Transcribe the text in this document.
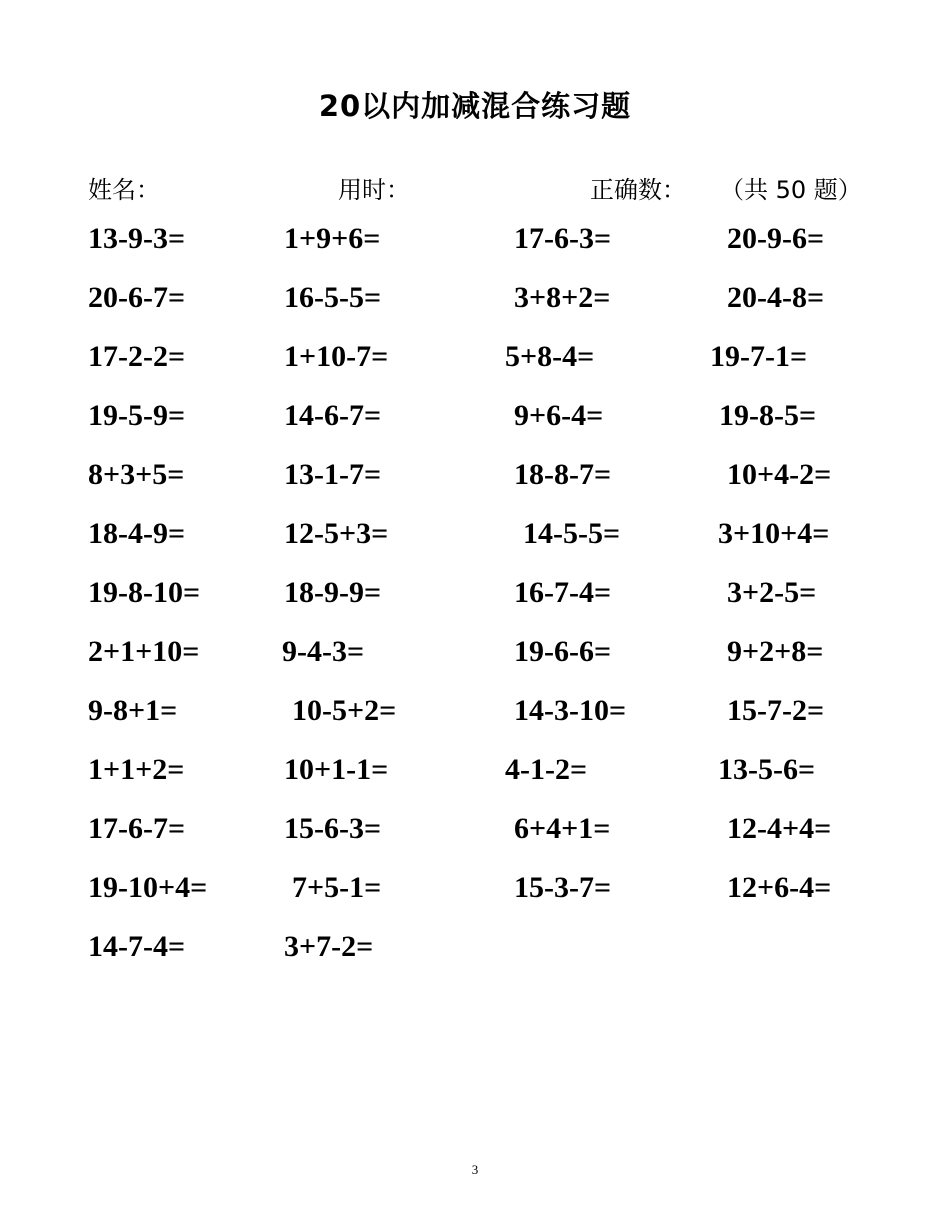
20以内加减混合练习题
姓名：	用时：	正确数： （共 50 题）
13-9-3=	1+9+6=	17-6-3=	20-9-6=
20-6-7=	16-5-5=	3+8+2=	20-4-8=
17-2-2=	1+10-7=	5+8-4=	19-7-1=
19-5-9=	14-6-7=	9+6-4=	19-8-5=
8+3+5=	13-1-7=	18-8-7=	10+4-2=
18-4-9=	12-5+3=	14-5-5=	3+10+4=
19-8-10=	18-9-9=	16-7-4=	3+2-5=
2+1+10=	9-4-3=	19-6-6=	9+2+8=
9-8+1=	10-5+2=	14-3-10=	15-7-2=
1+1+2=	10+1-1=	4-1-2=	13-5-6=
17-6-7=	15-6-3=	6+4+1=	12-4+4=
19-10+4=	7+5-1=	15-3-7=	12+6-4=
14-7-4=	3+7-2=
3
